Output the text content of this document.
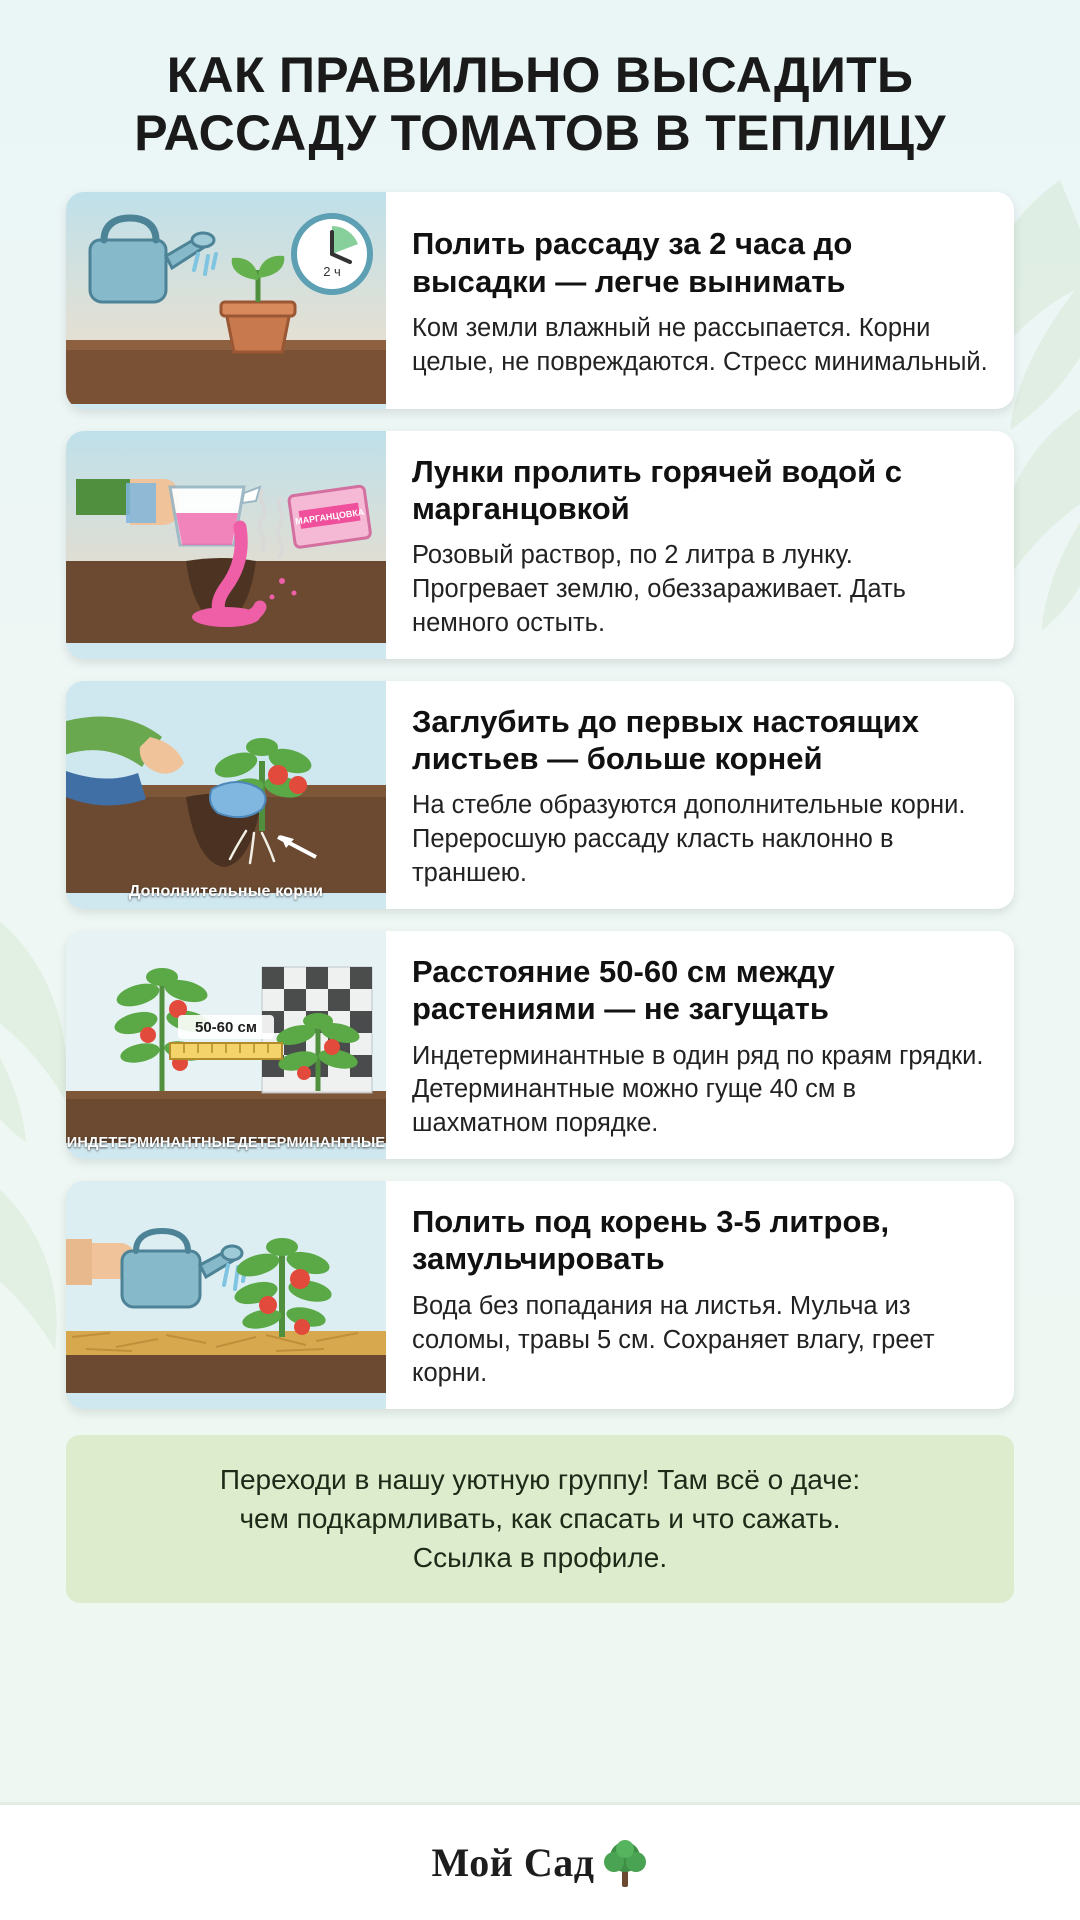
КАК ПРАВИЛЬНО ВЫСАДИТЬ
РАССАДУ ТОМАТОВ В ТЕПЛИЦУ
2 ч
Полить рассаду за 2 часа до высадки — легче вынимать
Ком земли влажный не рассыпается. Корни целые, не повреждаются. Стресс минимальный.
МАРГАНЦОВКА
Лунки пролить горячей водой с марганцовкой
Розовый раствор, по 2 литра в лунку. Прогревает землю, обеззараживает. Дать немного остыть.
Дополнительные корни
Заглубить до первых настоящих листьев — больше корней
На стебле образуются дополнительные корни. Переросшую рассаду класть наклонно в траншею.
50-60 см
ИНДЕТЕРМИНАНТНЫЕ ДЕТЕРМИНАНТНЫЕ
Расстояние 50-60 см между растениями — не загущать
Индетерминантные в один ряд по краям грядки. Детерминантные можно гуще 40 см в шахматном порядке.
Полить под корень 3-5 литров, замульчировать
Вода без попадания на листья. Мульча из соломы, травы 5 см. Сохраняет влагу, греет корни.

Переходи в нашу уютную группу! Там всё о даче:

чем подкармливать, как спасать и что сажать.

Ссылка в профиле.

Мой Сад
